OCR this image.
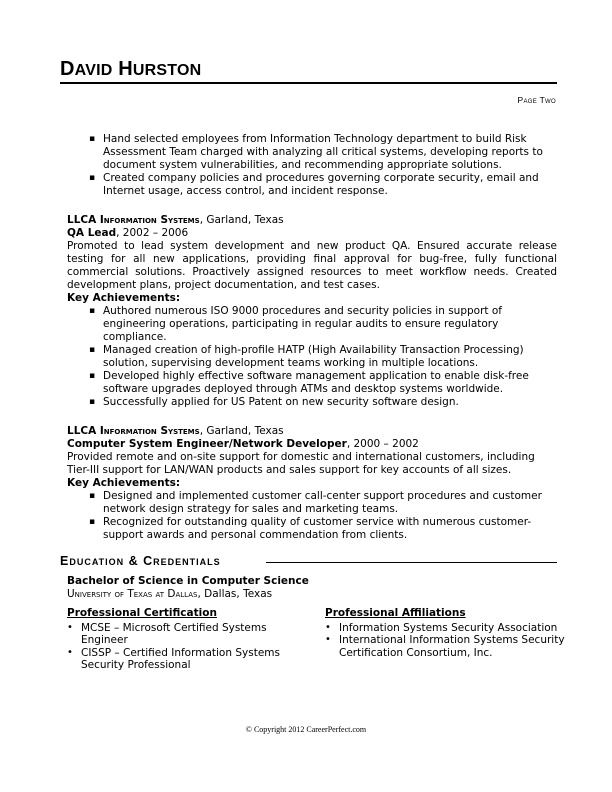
DAVID HURSTON
Page Two
▪ Hand selected employees from Information Technology department to build Risk Assessment Team charged with analyzing all critical systems, developing reports to document system vulnerabilities, and recommending appropriate solutions.
▪ Created company policies and procedures governing corporate security, email and Internet usage, access control, and incident response.
LLCA Information Systems, Garland, Texas
QA Lead, 2002 – 2006
Promoted to lead system development and new product QA. Ensured accurate release testing for all new applications, providing final approval for bug-free, fully functional commercial solutions. Proactively assigned resources to meet workflow needs. Created development plans, project documentation, and test cases.
Key Achievements:
▪ Authored numerous ISO 9000 procedures and security policies in support of engineering operations, participating in regular audits to ensure regulatory compliance.
▪ Managed creation of high-profile HATP (High Availability Transaction Processing) solution, supervising development teams working in multiple locations.
▪ Developed highly effective software management application to enable disk-free software upgrades deployed through ATMs and desktop systems worldwide.
▪ Successfully applied for US Patent on new security software design.
LLCA Information Systems, Garland, Texas
Computer System Engineer/Network Developer, 2000 – 2002
Provided remote and on-site support for domestic and international customers, including Tier-III support for LAN/WAN products and sales support for key accounts of all sizes.
Key Achievements:
▪ Designed and implemented customer call-center support procedures and customer network design strategy for sales and marketing teams.
▪ Recognized for outstanding quality of customer service with numerous customer-support awards and personal commendation from clients.
Education & Credentials
Bachelor of Science in Computer Science
University of Texas at Dallas, Dallas, Texas
Professional Certification
• MCSE – Microsoft Certified Systems Engineer
• CISSP – Certified Information Systems Security Professional
Professional Affiliations
• Information Systems Security Association
• International Information Systems Security Certification Consortium, Inc.
© Copyright 2012 CareerPerfect.com
